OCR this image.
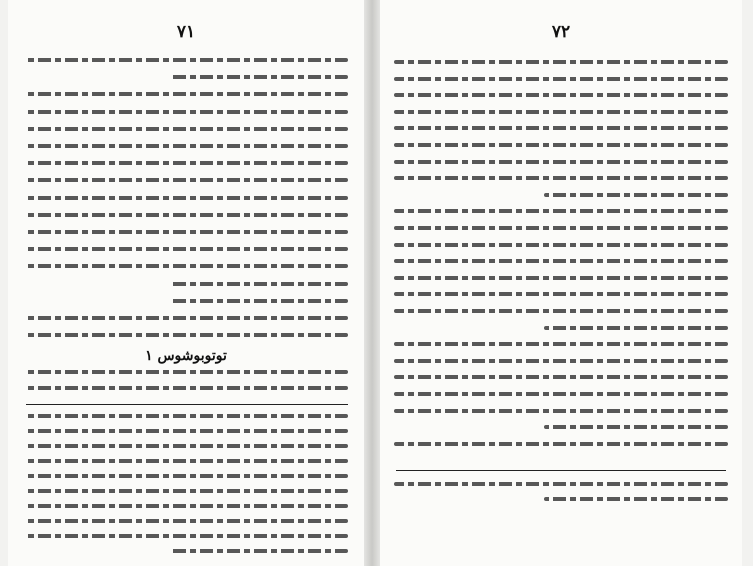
٧١
توتوبوشوس ١
٧٢
